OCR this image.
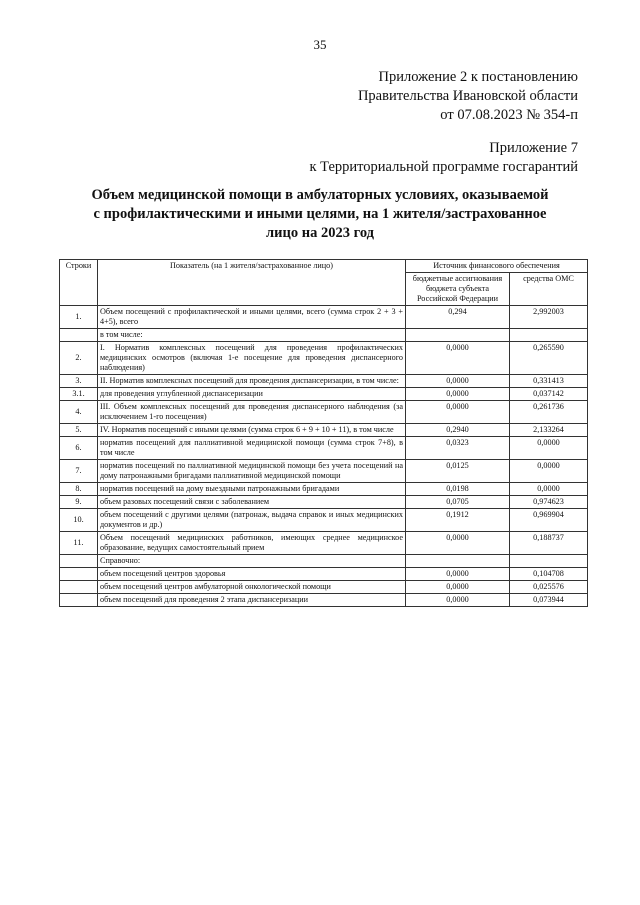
35
Приложение 2 к постановлению
Правительства Ивановской области
от 07.08.2023 № 354-п
Приложение 7
к Территориальной программе госгарантий
Объем медицинской помощи в амбулаторных условиях, оказываемой
с профилактическими и иными целями, на 1 жителя/застрахованное
лицо на 2023 год
Строки	Показатель (на 1 жителя/застрахованное лицо)	Источник финансового обеспечения	
		бюджетные ассигнования бюджета субъекта Российской Федерации	средства ОМС
1.	Объем посещений с профилактической и иными целями, всего (сумма строк 2 + 3 + 4+5), всего	0,294	2,992003
	в том числе:		
2.	I. Норматив комплексных посещений для проведения профилактических медицинских осмотров (включая 1-е посещение для проведения диспансерного наблюдения)	0,0000	0,265590
3.	II. Норматив комплексных посещений для проведения диспансеризации, в том числе:	0,0000	0,331413
3.1.	для проведения углубленной диспансеризации	0,0000	0,037142
4.	III. Объем комплексных посещений для проведения диспансерного наблюдения (за исключением 1-го посещения)	0,0000	0,261736
5.	IV. Норматив посещений с иными целями (сумма строк 6 + 9 + 10 + 11), в том числе	0,2940	2,133264
6.	норматив посещений для паллиативной медицинской помощи (сумма строк 7+8), в том числе	0,0323	0,0000
7.	норматив посещений по паллиативной медицинской помощи без учета посещений на дому патронажными бригадами паллиативной медицинской помощи	0,0125	0,0000
8.	норматив посещений на дому выездными патронажными бригадами	0,0198	0,0000
9.	объем разовых посещений связи с заболеванием	0,0705	0,974623
10.	объем посещений с другими целями (патронаж, выдача справок и иных медицинских документов и др.)	0,1912	0,969904
11.	Объем посещений медицинских работников, имеющих среднее медицинское образование, ведущих самостоятельный прием	0,0000	0,188737
	Справочно:		
	объем посещений центров здоровья	0,0000	0,104708
	объем посещений центров амбулаторной онкологической помощи	0,0000	0,025576
	объем посещений для проведения 2 этапа диспансеризации	0,0000	0,073944
